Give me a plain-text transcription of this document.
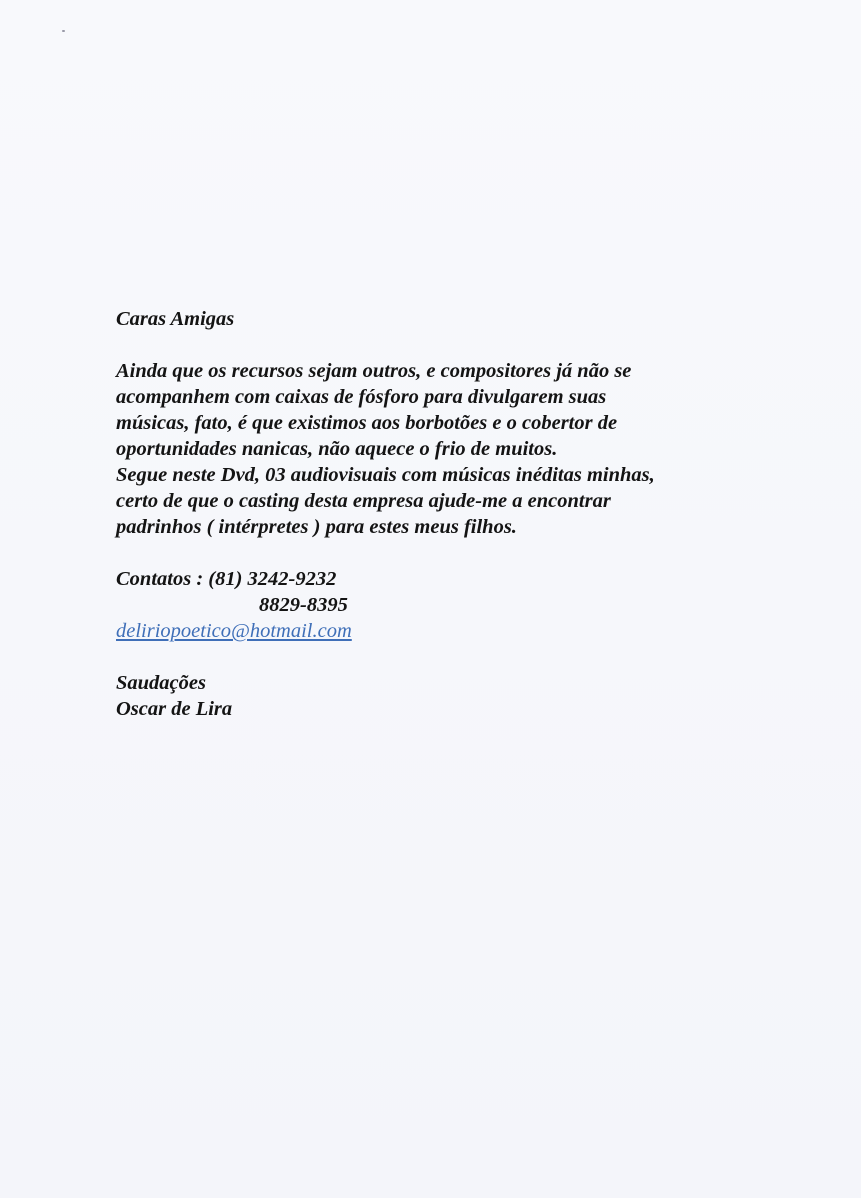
Caras Amigas
Ainda que os recursos sejam outros, e compositores já não se
acompanhem com caixas de fósforo para divulgarem suas
músicas, fato, é que existimos aos borbotões e o cobertor de
oportunidades nanicas, não aquece o frio de muitos.
Segue neste Dvd, 03 audiovisuais com músicas inéditas minhas,
certo de que o casting desta empresa ajude-me a encontrar
padrinhos ( intérpretes ) para estes meus filhos.
Contatos : (81) 3242-9232
8829-8395
deliriopoetico@hotmail.com
Saudações
Oscar de Lira
